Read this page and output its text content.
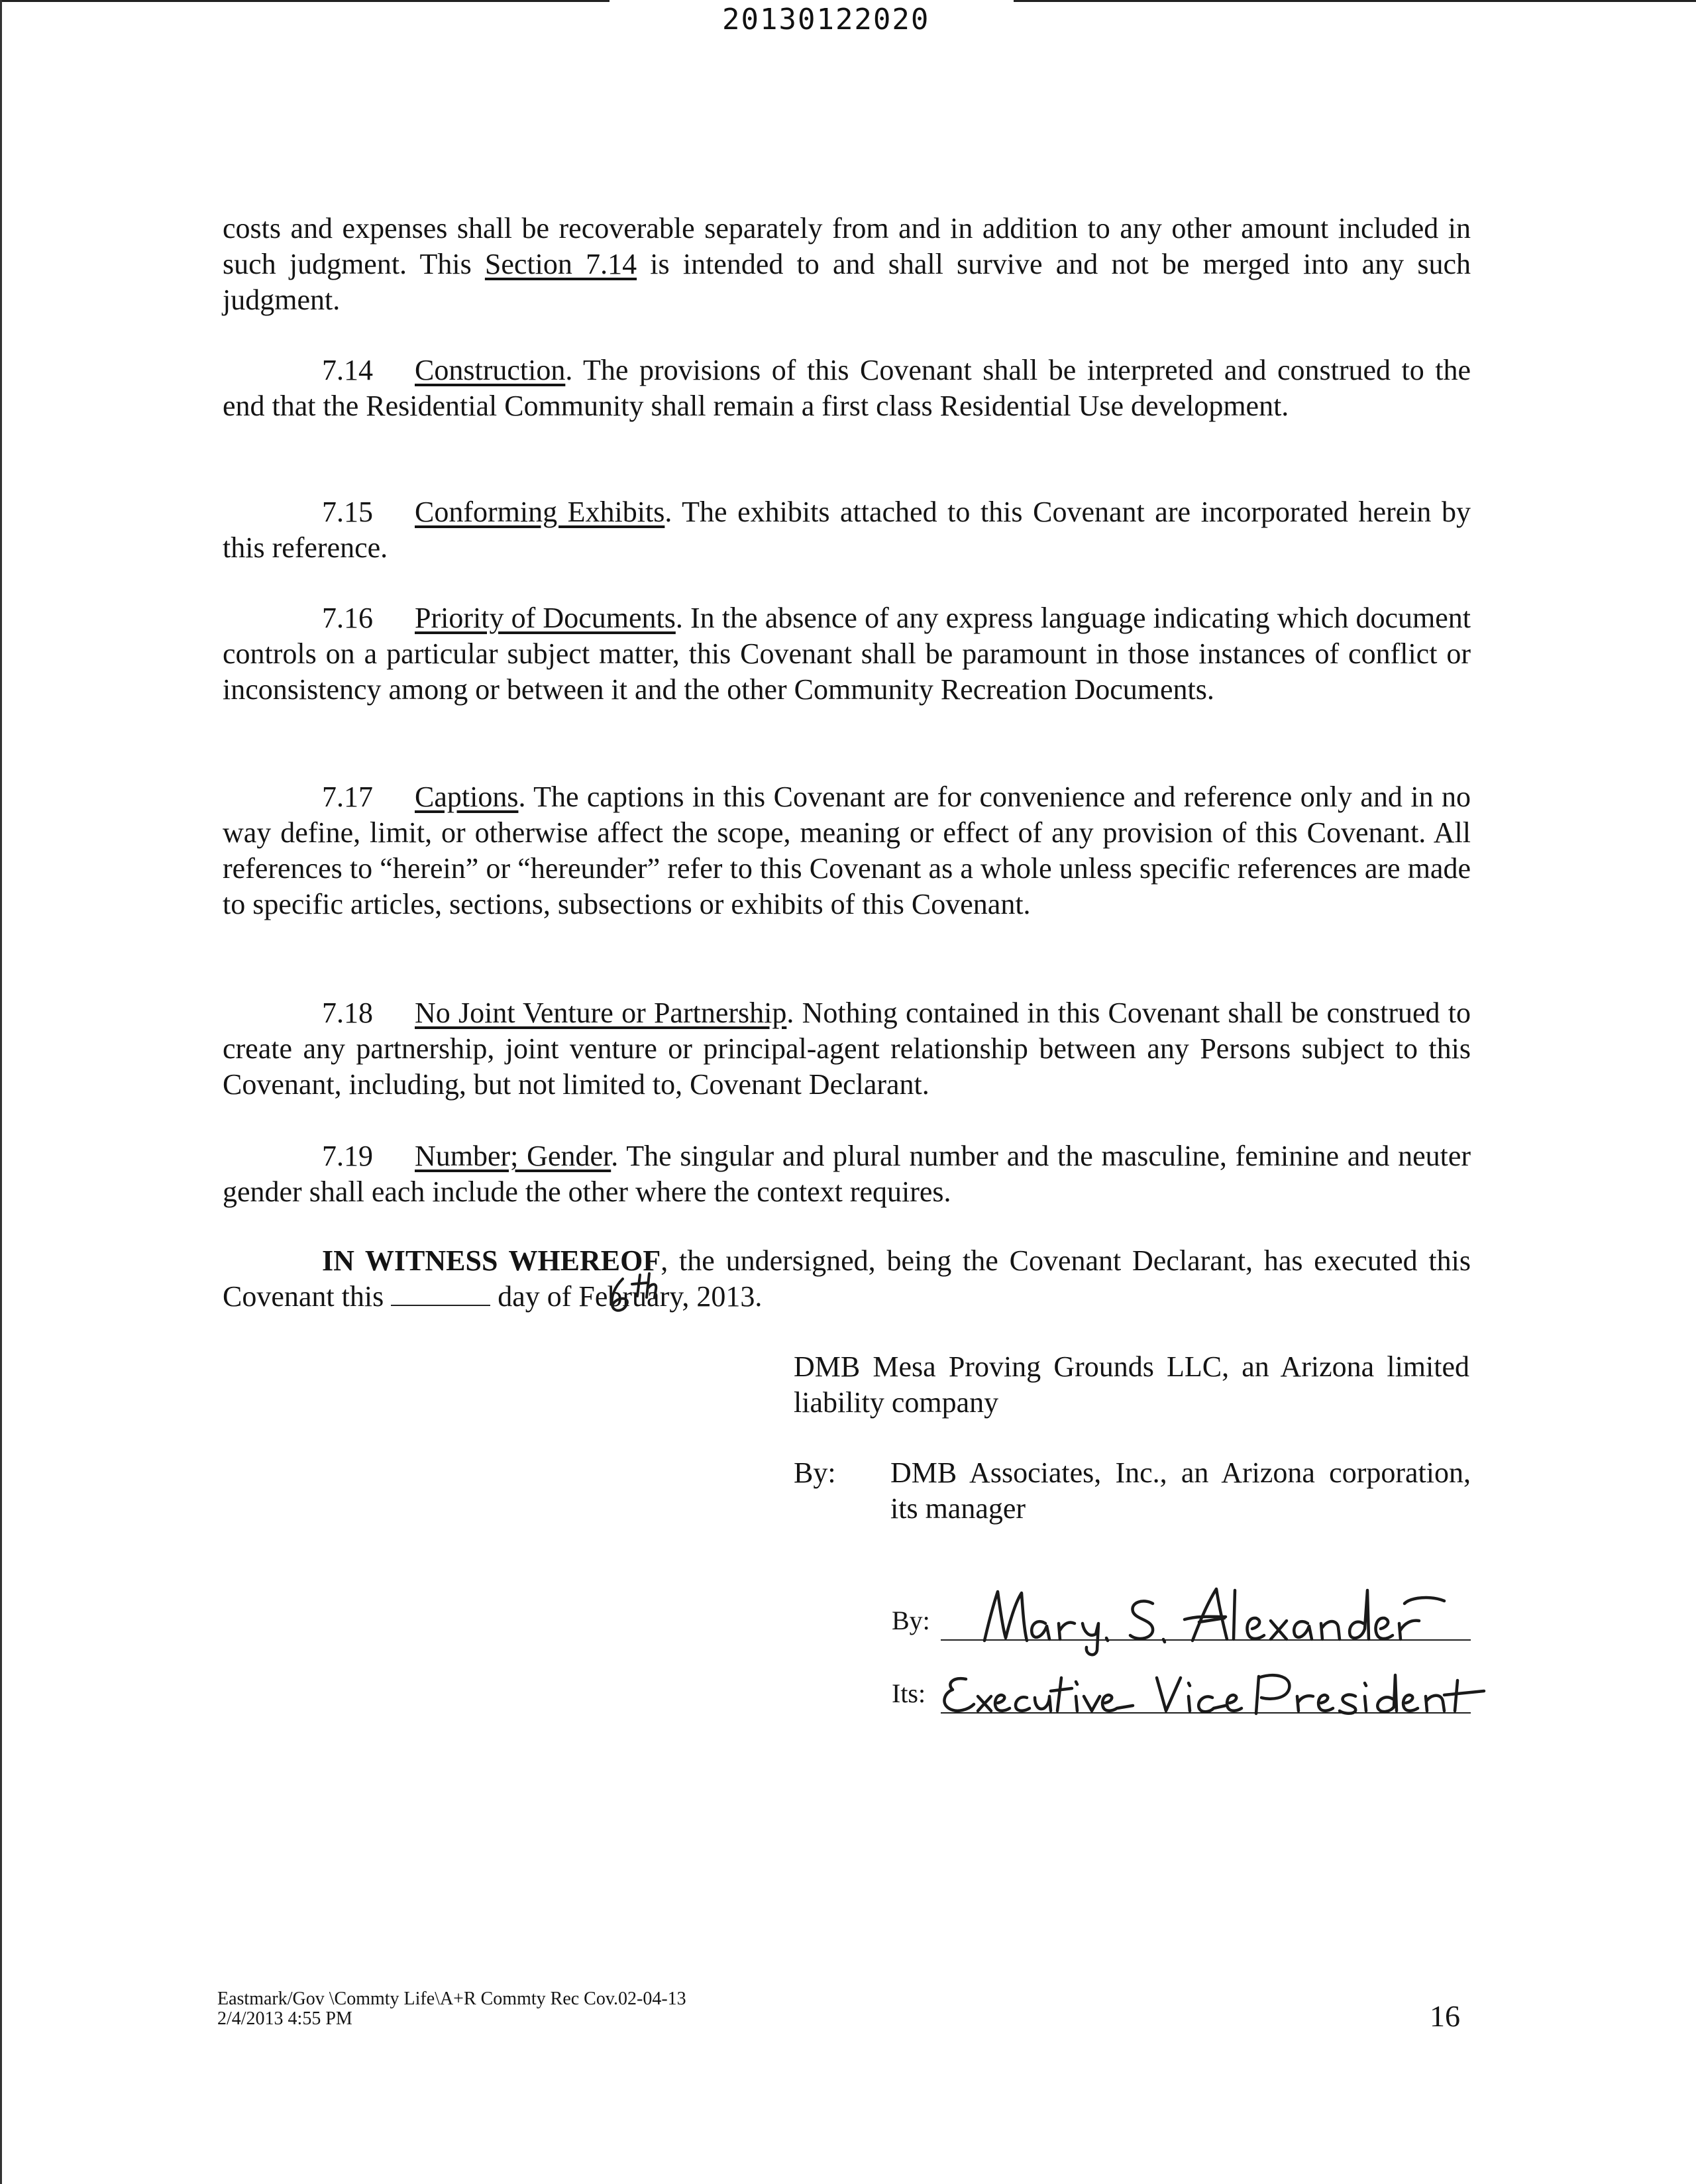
20130122020

costs and expenses shall be recoverable separately from and in addition to any other amount included in such judgment. This Section 7.14 is intended to and shall survive and not be merged into any such judgment.

7.14 Construction. The provisions of this Covenant shall be interpreted and construed to the end that the Residential Community shall remain a first class Residential Use development.

7.15 Conforming Exhibits. The exhibits attached to this Covenant are incorporated herein by this reference.

7.16 Priority of Documents. In the absence of any express language indicating which document controls on a particular subject matter, this Covenant shall be paramount in those instances of conflict or inconsistency among or between it and the other Community Recreation Documents.

7.17 Captions. The captions in this Covenant are for convenience and reference only and in no way define, limit, or otherwise affect the scope, meaning or effect of any provision of this Covenant. All references to “herein” or “hereunder” refer to this Covenant as a whole unless specific references are made to specific articles, sections, subsections or exhibits of this Covenant.

7.18 No Joint Venture or Partnership. Nothing contained in this Covenant shall be construed to create any partnership, joint venture or principal-agent relationship between any Persons subject to this Covenant, including, but not limited to, Covenant Declarant.

7.19 Number; Gender. The singular and plural number and the masculine, feminine and neuter gender shall each include the other where the context requires.

IN WITNESS WHEREOF, the undersigned, being the Covenant Declarant, has executed this Covenant this	day of February, 2013.

DMB Mesa Proving Grounds LLC, an Arizona limited liability company

By: DMB Associates, Inc., an Arizona corporation, its manager
By:
Its:
Eastmark/Gov \Commty Life\A+R Commty Rec Cov.02-04-13
2/4/2013 4:55 PM	16
